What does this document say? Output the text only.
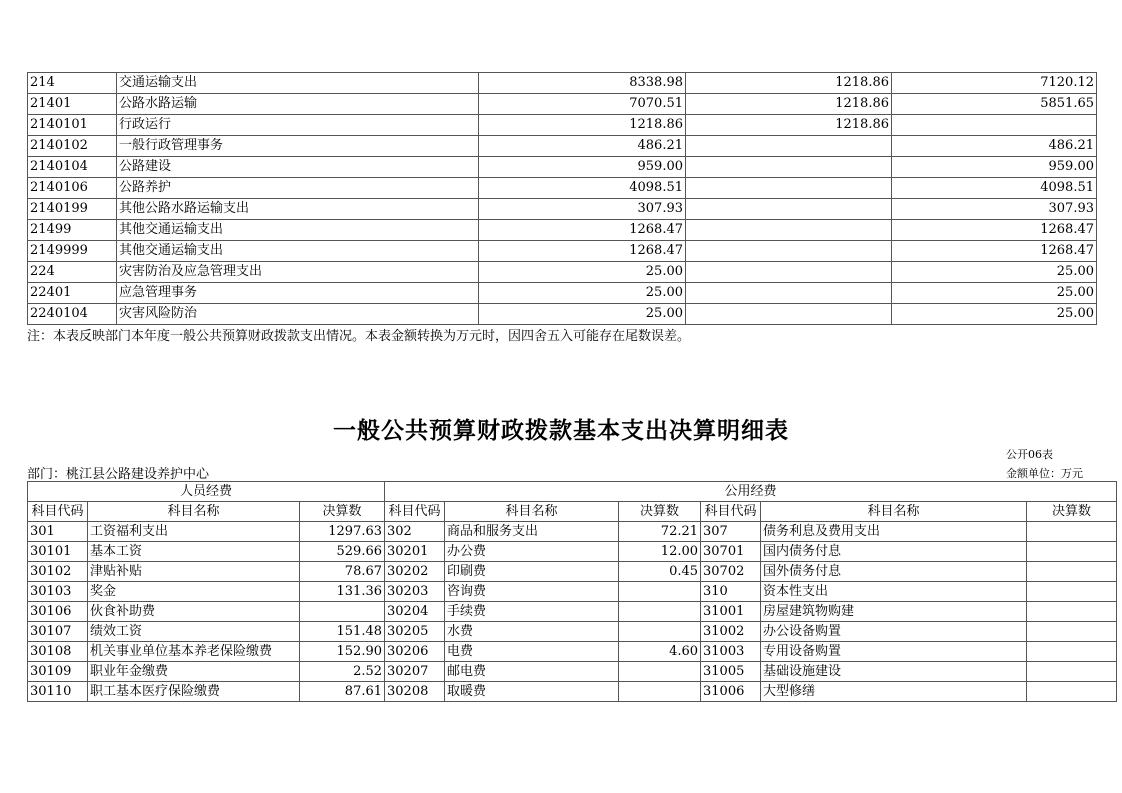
214	交通运输支出	8338.98	1218.86	7120.12
21401	公路水路运输	7070.51	1218.86	5851.65
2140101	行政运行	1218.86	1218.86	
2140102	一般行政管理事务	486.21		486.21
2140104	公路建设	959.00		959.00
2140106	公路养护	4098.51		4098.51
2140199	其他公路水路运输支出	307.93		307.93
21499	其他交通运输支出	1268.47		1268.47
2149999	其他交通运输支出	1268.47		1268.47
224	灾害防治及应急管理支出	25.00		25.00
22401	应急管理事务	25.00		25.00
2240104	灾害风险防治	25.00		25.00
注：本表反映部门本年度一般公共预算财政拨款支出情况。本表金额转换为万元时，因四舍五入可能存在尾数误差。
一般公共预算财政拨款基本支出决算明细表
公开06表
部门：桃江县公路建设养护中心	金额单位：万元
人员经费			公用经费					
科目代码	科目名称	决算数	科目代码	科目名称	决算数	科目代码	科目名称	决算数
301	工资福利支出	1297.63	302	商品和服务支出	72.21	307	债务利息及费用支出	
30101	基本工资	529.66	30201	办公费	12.00	30701	国内债务付息	
30102	津贴补贴	78.67	30202	印刷费	0.45	30702	国外债务付息	
30103	奖金	131.36	30203	咨询费		310	资本性支出	
30106	伙食补助费		30204	手续费		31001	房屋建筑物购建	
30107	绩效工资	151.48	30205	水费		31002	办公设备购置	
30108	机关事业单位基本养老保险缴费	152.90	30206	电费	4.60	31003	专用设备购置	
30109	职业年金缴费	2.52	30207	邮电费		31005	基础设施建设	
30110	职工基本医疗保险缴费	87.61	30208	取暖费		31006	大型修缮	
